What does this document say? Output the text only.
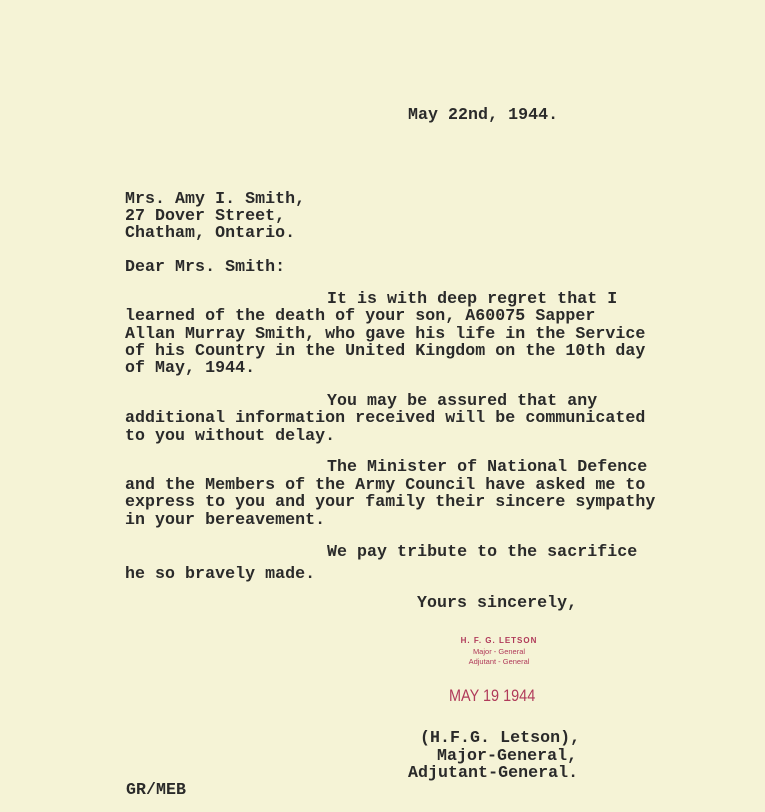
May 22nd, 1944.
Mrs. Amy I. Smith,
27 Dover Street,
Chatham, Ontario.
Dear Mrs. Smith:
It is with deep regret that I
learned of the death of your son, A60075 Sapper
Allan Murray Smith, who gave his life in the Service
of his Country in the United Kingdom on the 10th day
of May, 1944.
You may be assured that any
additional information received will be communicated
to you without delay.
The Minister of National Defence
and the Members of the Army Council have asked me to
express to you and your family their sincere sympathy
in your bereavement.
We pay tribute to the sacrifice
he so bravely made.
Yours sincerely,
H. F. G. LETSON
Major - General
Adjutant - General
MAY 19 1944
(H.F.G. Letson),
Major-General,
Adjutant-General.
GR/MEB
